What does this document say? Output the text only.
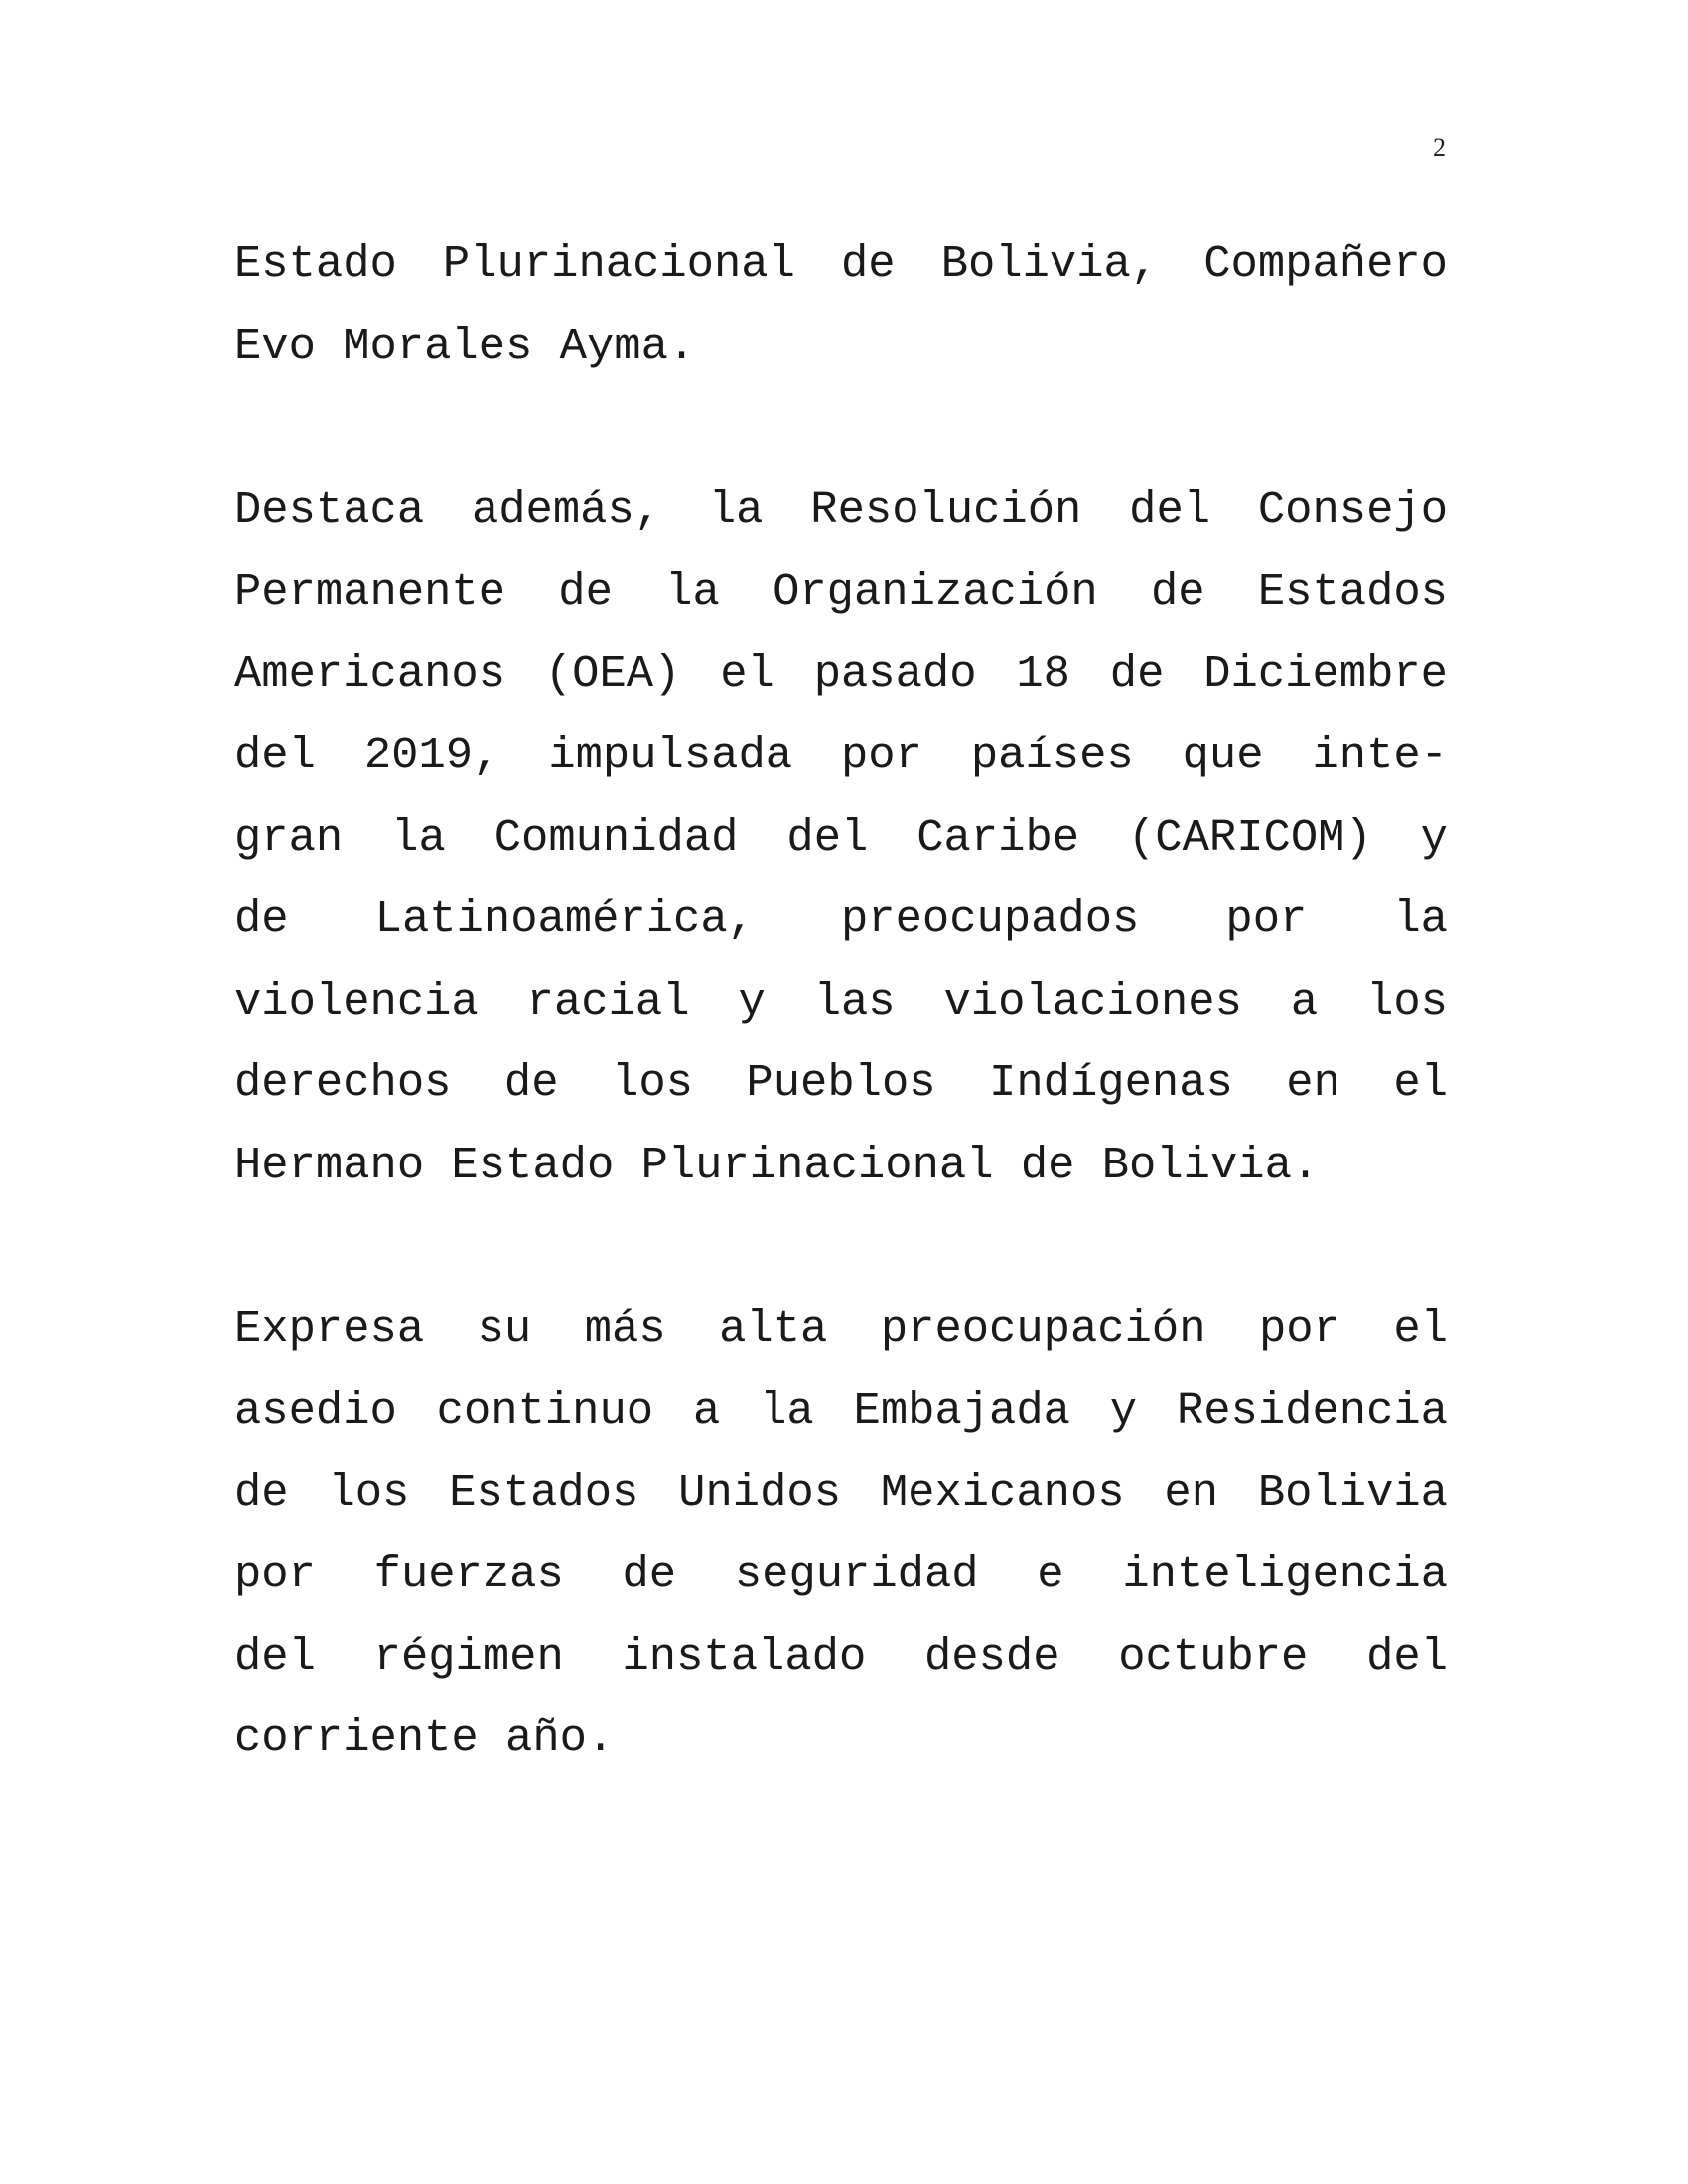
2
Estado Plurinacional de Bolivia, Compañero
Evo Morales Ayma.
Destaca además, la Resolución del Consejo
Permanente de la Organización de Estados
Americanos (OEA) el pasado 18 de Diciembre
del 2019, impulsada por países que inte-
gran la Comunidad del Caribe (CARICOM) y
de Latinoamérica, preocupados por la
violencia racial y las violaciones a los
derechos de los Pueblos Indígenas en el
Hermano Estado Plurinacional de Bolivia.
Expresa su más alta preocupación por el
asedio continuo a la Embajada y Residencia
de los Estados Unidos Mexicanos en Bolivia
por fuerzas de seguridad e inteligencia
del régimen instalado desde octubre del
corriente año.
